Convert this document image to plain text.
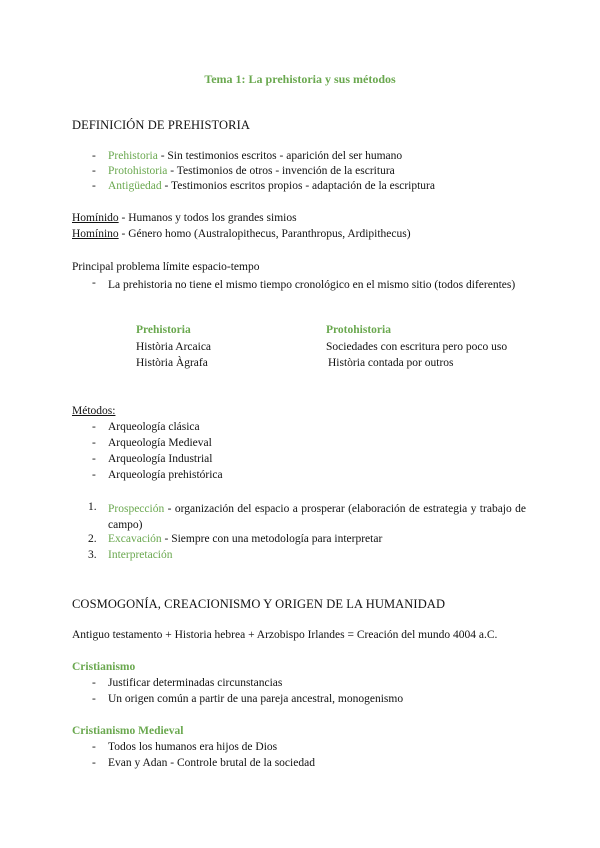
Tema 1: La prehistoria y sus métodos
DEFINICIÓN DE PREHISTORIA
- Prehistoria - Sin testimonios escritos - aparición del ser humano
- Protohistoria - Testimonios de otros - invención de la escritura
- Antigüedad - Testimonios escritos propios - adaptación de la escriptura
Homínido - Humanos y todos los grandes simios
Homínino - Género homo (Australopithecus, Paranthropus, Ardipithecus)
Principal problema límite espacio-tempo
- La prehistoria no tiene el mismo tiempo cronológico en el mismo sitio (todos diferentes)
Prehistoria	Protohistoria
Història Arcaica	Sociedades con escritura pero poco uso
Història Àgrafa	Història contada por outros
Métodos:
- Arqueología clásica
- Arqueología Medieval
- Arqueología Industrial
- Arqueología prehistórica
1. Prospección - organización del espacio a prosperar (elaboración de estrategia y trabajo de campo)
2. Excavación - Siempre con una metodología para interpretar
3. Interpretación
COSMOGONÍA, CREACIONISMO Y ORIGEN DE LA HUMANIDAD
Antiguo testamento + Historia hebrea + Arzobispo Irlandes = Creación del mundo 4004 a.C.
Cristianismo
- Justificar determinadas circunstancias
- Un origen común a partir de una pareja ancestral, monogenismo
Cristianismo Medieval
- Todos los humanos era hijos de Dios
- Evan y Adan - Controle brutal de la sociedad
